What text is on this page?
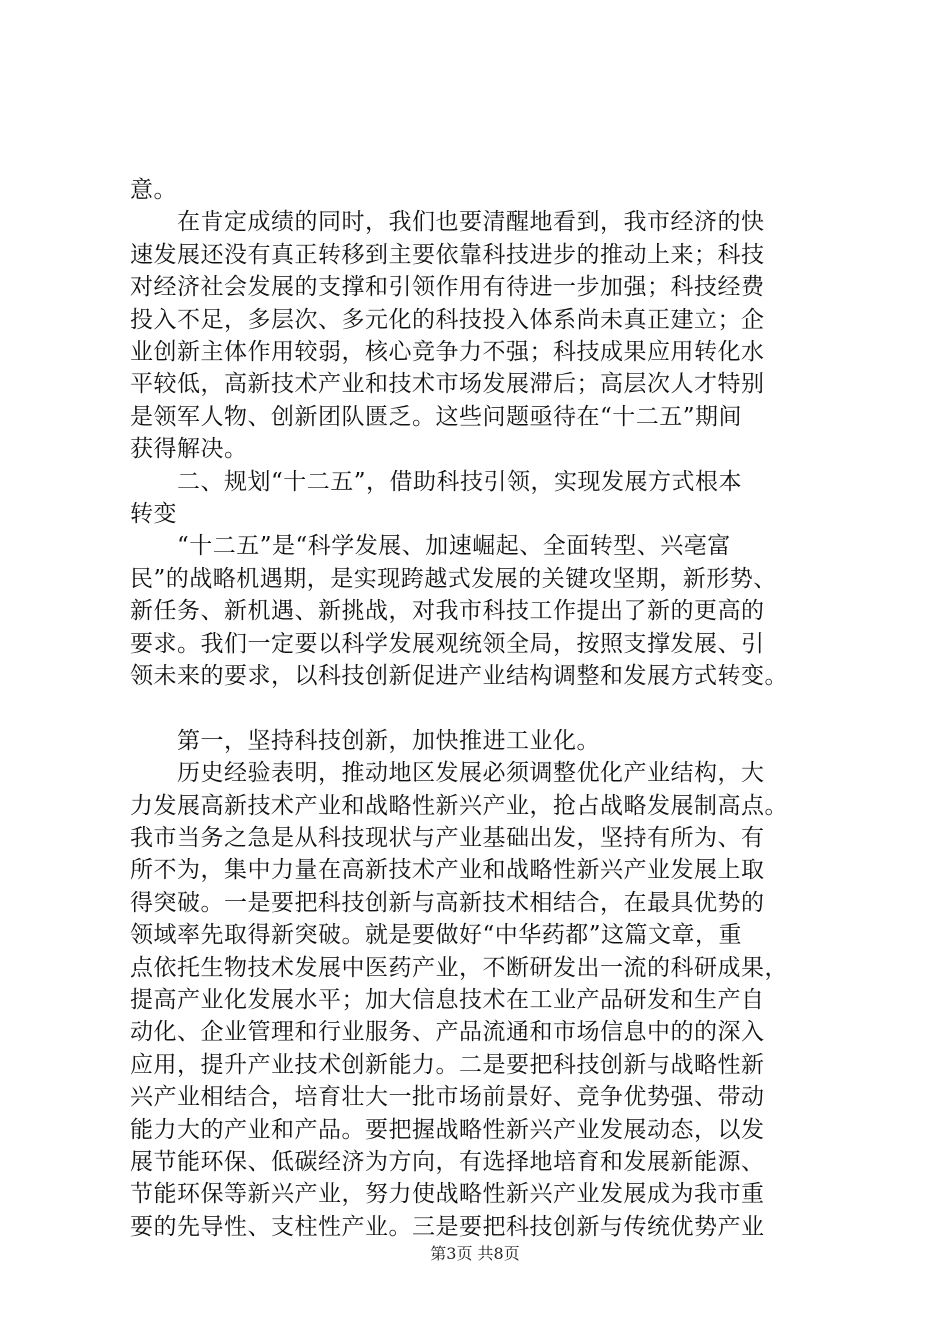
意。
　　在肯定成绩的同时，我们也要清醒地看到，我市经济的快
速发展还没有真正转移到主要依靠科技进步的推动上来；科技
对经济社会发展的支撑和引领作用有待进一步加强；科技经费
投入不足，多层次、多元化的科技投入体系尚未真正建立；企
业创新主体作用较弱，核心竞争力不强；科技成果应用转化水
平较低，高新技术产业和技术市场发展滞后；高层次人才特别
是领军人物、创新团队匮乏。这些问题亟待在“十二五”期间
获得解决。
　　二、规划“十二五”，借助科技引领，实现发展方式根本
转变
　　“十二五”是“科学发展、加速崛起、全面转型、兴亳富
民”的战略机遇期，是实现跨越式发展的关键攻坚期，新形势、
新任务、新机遇、新挑战，对我市科技工作提出了新的更高的
要求。我们一定要以科学发展观统领全局，按照支撑发展、引
领未来的要求，以科技创新促进产业结构调整和发展方式转变。
　　第一，坚持科技创新，加快推进工业化。
　　历史经验表明，推动地区发展必须调整优化产业结构，大
力发展高新技术产业和战略性新兴产业，抢占战略发展制高点。
我市当务之急是从科技现状与产业基础出发，坚持有所为、有
所不为，集中力量在高新技术产业和战略性新兴产业发展上取
得突破。一是要把科技创新与高新技术相结合，在最具优势的
领域率先取得新突破。就是要做好“中华药都”这篇文章，重
点依托生物技术发展中医药产业，不断研发出一流的科研成果，
提高产业化发展水平；加大信息技术在工业产品研发和生产自
动化、企业管理和行业服务、产品流通和市场信息中的的深入
应用，提升产业技术创新能力。二是要把科技创新与战略性新
兴产业相结合，培育壮大一批市场前景好、竞争优势强、带动
能力大的产业和产品。要把握战略性新兴产业发展动态，以发
展节能环保、低碳经济为方向，有选择地培育和发展新能源、
节能环保等新兴产业，努力使战略性新兴产业发展成为我市重
要的先导性、支柱性产业。三是要把科技创新与传统优势产业
第3页 共8页
